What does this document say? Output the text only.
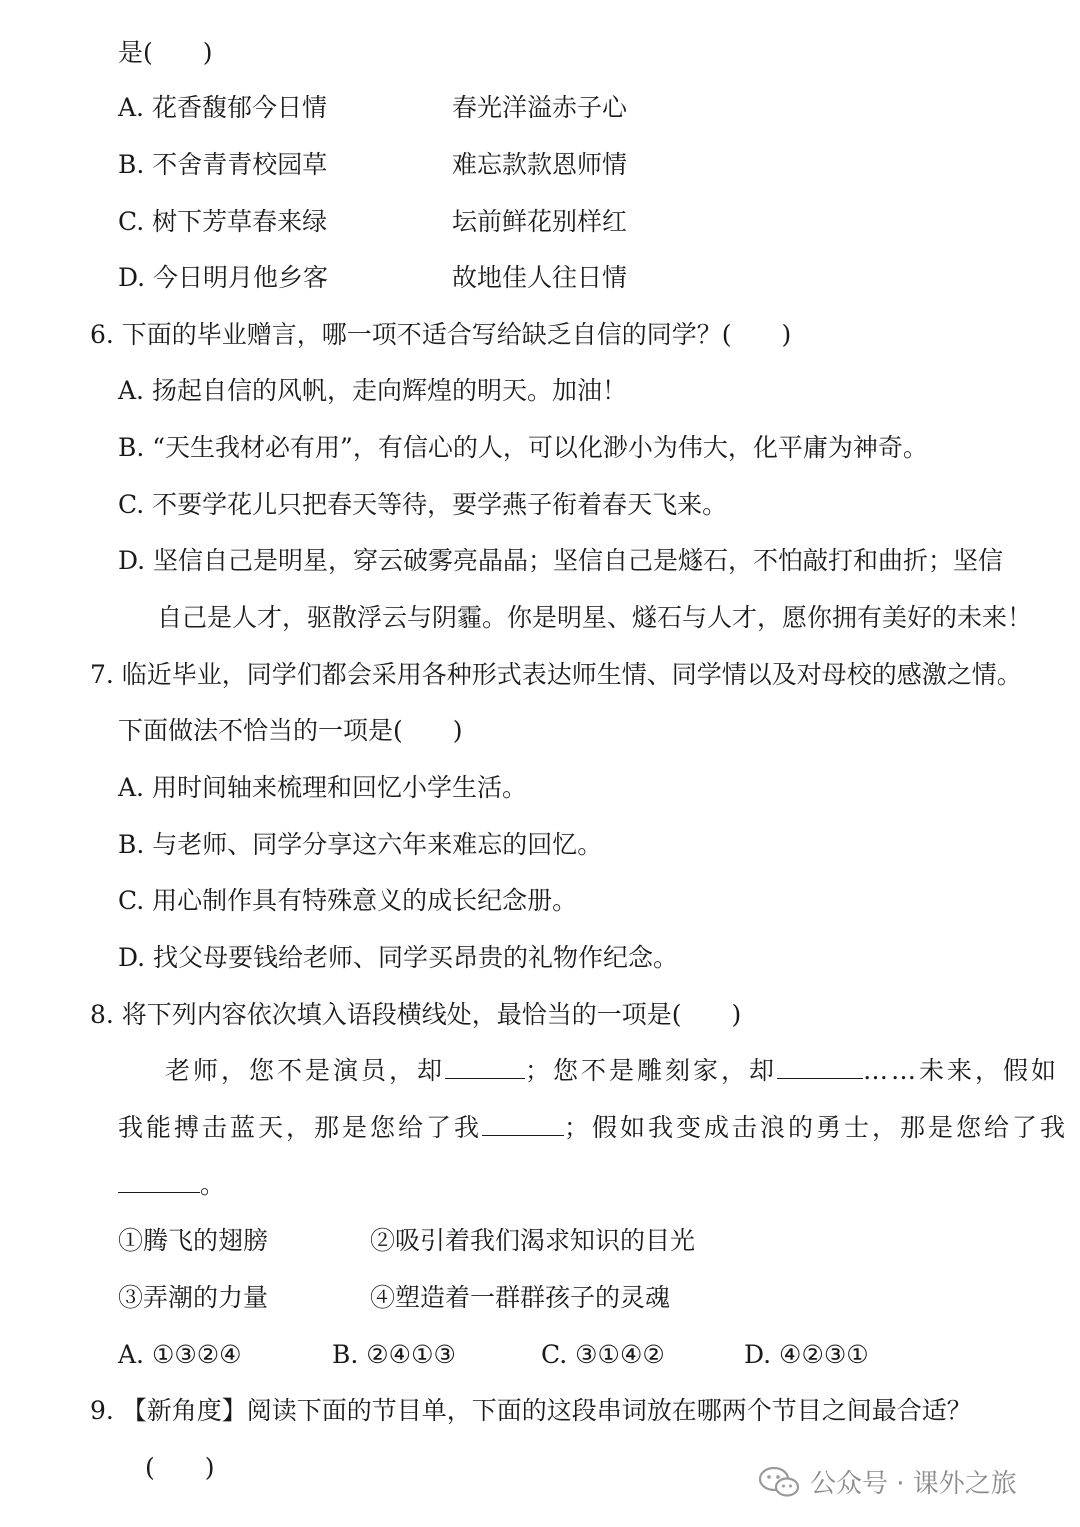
是(　　)
A. 花香馥郁今日情	春光洋溢赤子心
B. 不舍青青校园草	难忘款款恩师情
C. 树下芳草春来绿	坛前鲜花别样红
D. 今日明月他乡客	故地佳人往日情
6. 下面的毕业赠言，哪一项不适合写给缺乏自信的同学？(　　)
A. 扬起自信的风帆，走向辉煌的明天。加油！
B. “天生我材必有用”，有信心的人，可以化渺小为伟大，化平庸为神奇。
C. 不要学花儿只把春天等待，要学燕子衔着春天飞来。
D. 坚信自己是明星，穿云破雾亮晶晶；坚信自己是燧石，不怕敲打和曲折；坚信
自己是人才，驱散浮云与阴霾。你是明星、燧石与人才，愿你拥有美好的未来！
7. 临近毕业，同学们都会采用各种形式表达师生情、同学情以及对母校的感激之情。
下面做法不恰当的一项是(　　)
A. 用时间轴来梳理和回忆小学生活。
B. 与老师、同学分享这六年来难忘的回忆。
C. 用心制作具有特殊意义的成长纪念册。
D. 找父母要钱给老师、同学买昂贵的礼物作纪念。
8. 将下列内容依次填入语段横线处，最恰当的一项是(　　)
老师，您不是演员，却	；您不是雕刻家，却	……未来，假如
我能搏击蓝天，那是您给了我	；假如我变成击浪的勇士，那是您给了我
。
①腾飞的翅膀	②吸引着我们渴求知识的目光
③弄潮的力量	④塑造着一群群孩子的灵魂
A. ①③②④	B. ②④①③	C. ③①④②	D. ④②③①
9. 【新角度】阅读下面的节目单，下面的这段串词放在哪两个节目之间最合适？
(　　)
公众号 · 课外之旅
